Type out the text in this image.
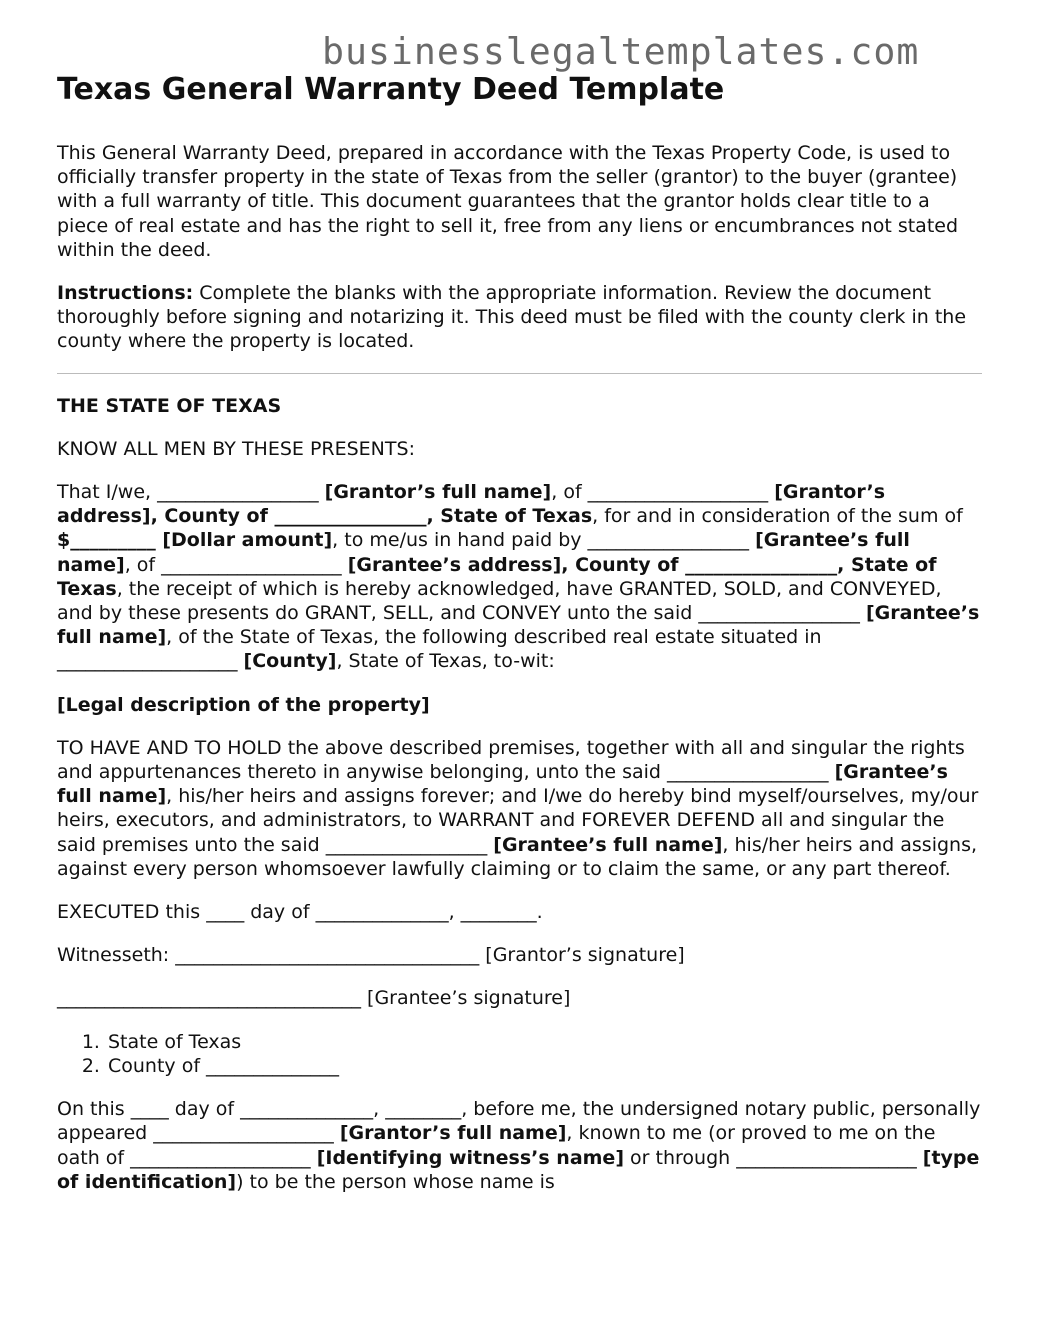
businesslegaltemplates.com
Texas General Warranty Deed Template

This General Warranty Deed, prepared in accordance with the Texas Property Code, is used to officially transfer property in the state of Texas from the seller (grantor) to the buyer (grantee) with a full warranty of title. This document guarantees that the grantor holds clear title to a piece of real estate and has the right to sell it, free from any liens or encumbrances not stated within the deed.

Instructions: Complete the blanks with the appropriate information. Review the document thoroughly before signing and notarizing it. This deed must be filed with the county clerk in the county where the property is located.

THE STATE OF TEXAS

KNOW ALL MEN BY THESE PRESENTS:

That I/we, _________________ [Grantor’s full name], of ___________________ [Grantor’s address], County of ________________, State of Texas, for and in consideration of the sum of $_________ [Dollar amount], to me/us in hand paid by _________________ [Grantee’s full name], of ___________________ [Grantee’s address], County of ________________, State of Texas, the receipt of which is hereby acknowledged, have GRANTED, SOLD, and CONVEYED, and by these presents do GRANT, SELL, and CONVEY unto the said _________________ [Grantee’s full name], of the State of Texas, the following described real estate situated in ___________________ [County], State of Texas, to-wit:

[Legal description of the property]

TO HAVE AND TO HOLD the above described premises, together with all and singular the rights and appurtenances thereto in anywise belonging, unto the said _________________ [Grantee’s full name], his/her heirs and assigns forever; and I/we do hereby bind myself/ourselves, my/our heirs, executors, and administrators, to WARRANT and FOREVER DEFEND all and singular the said premises unto the said _________________ [Grantee’s full name], his/her heirs and assigns, against every person whomsoever lawfully claiming or to claim the same, or any part thereof.

EXECUTED this ____ day of ______________, ________.

Witnesseth: ________________________________ [Grantor’s signature]

________________________________ [Grantee’s signature]

1. State of Texas
2. County of ______________

On this ____ day of ______________, ________, before me, the undersigned notary public, personally appeared ___________________ [Grantor’s full name], known to me (or proved to me on the oath of ___________________ [Identifying witness’s name] or through ___________________ [type of identification]) to be the person whose name is
